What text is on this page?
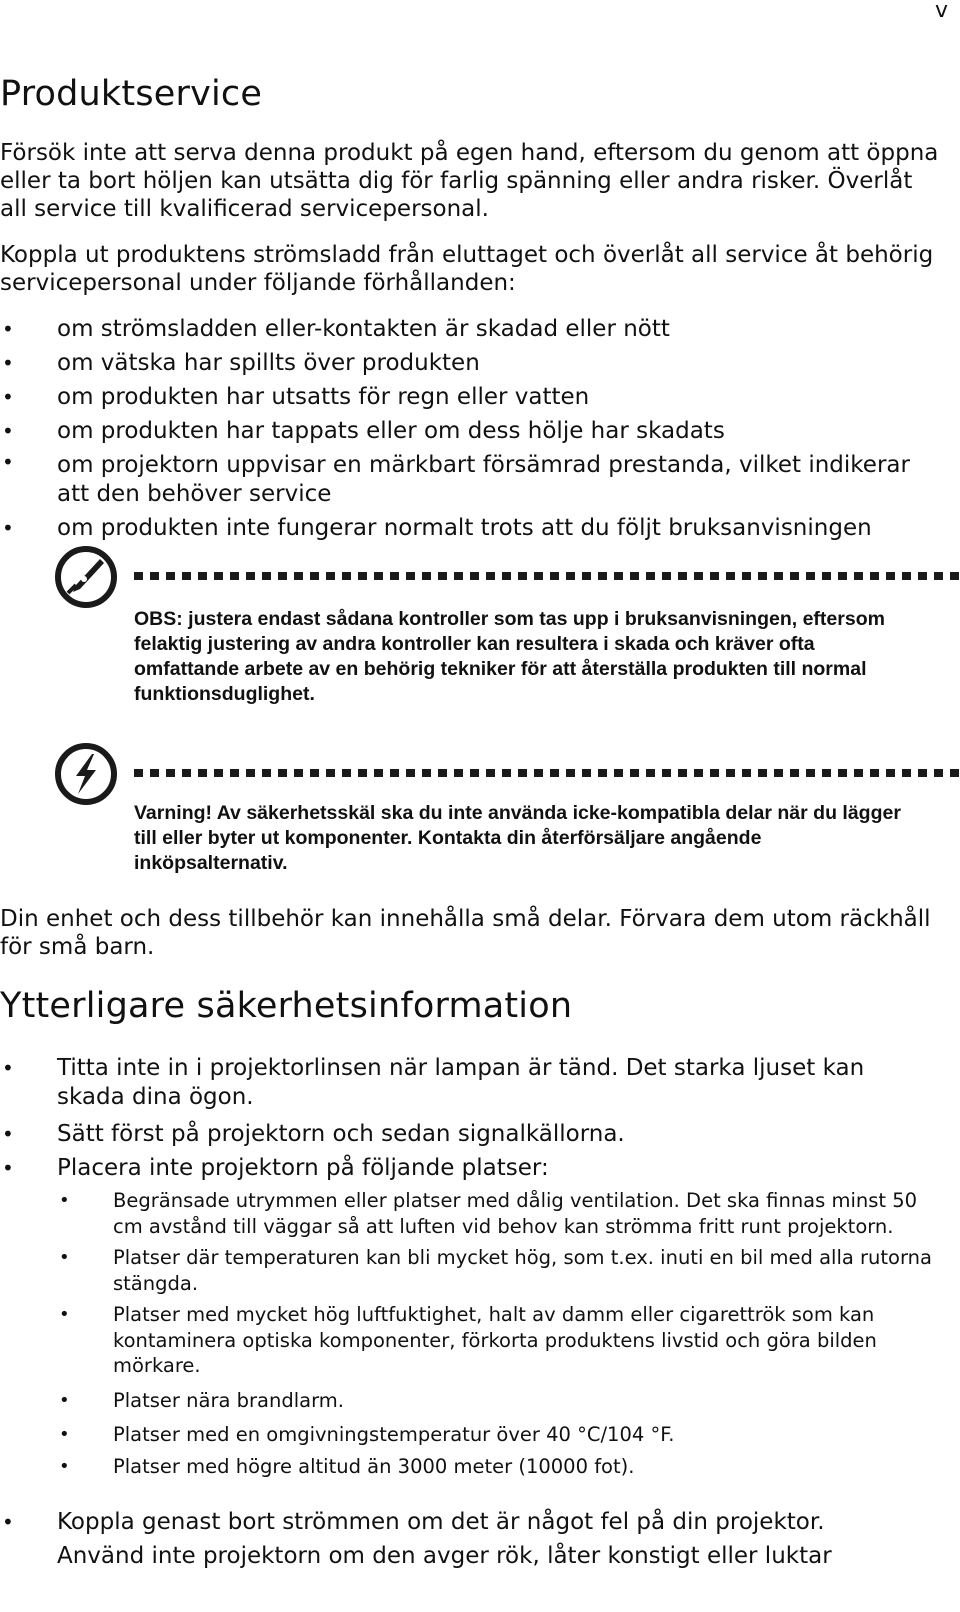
v
Produktservice

Försök inte att serva denna produkt på egen hand, eftersom du genom att öppna eller ta bort höljen kan utsätta dig för farlig spänning eller andra risker. Överlåt all service till kvalificerad servicepersonal.

Koppla ut produktens strömsladd från eluttaget och överlåt all service åt behörig servicepersonal under följande förhållanden:

• om strömsladden eller-kontakten är skadad eller nött
• om vätska har spillts över produkten
• om produkten har utsatts för regn eller vatten
• om produkten har tappats eller om dess hölje har skadats
• om projektorn uppvisar en märkbart försämrad prestanda, vilket indikerar att den behöver service
• om produkten inte fungerar normalt trots att du följt bruksanvisningen
OBS: justera endast sådana kontroller som tas upp i bruksanvisningen, eftersom felaktig justering av andra kontroller kan resultera i skada och kräver ofta omfattande arbete av en behörig tekniker för att återställa produkten till normal funktionsduglighet.
Varning! Av säkerhetsskäl ska du inte använda icke-kompatibla delar när du lägger till eller byter ut komponenter. Kontakta din återförsäljare angående inköpsalternativ.

Din enhet och dess tillbehör kan innehålla små delar. Förvara dem utom räckhåll för små barn.

Ytterligare säkerhetsinformation
• Titta inte in i projektorlinsen när lampan är tänd. Det starka ljuset kan skada dina ögon.
• Sätt först på projektorn och sedan signalkällorna.
• Placera inte projektorn på följande platser:
• Begränsade utrymmen eller platser med dålig ventilation. Det ska finnas minst 50 cm avstånd till väggar så att luften vid behov kan strömma fritt runt projektorn.
• Platser där temperaturen kan bli mycket hög, som t.ex. inuti en bil med alla rutorna stängda.
• Platser med mycket hög luftfuktighet, halt av damm eller cigarettrök som kan kontaminera optiska komponenter, förkorta produktens livstid och göra bilden mörkare.
• Platser nära brandlarm.
• Platser med en omgivningstemperatur över 40 °C/104 °F.
• Platser med högre altitud än 3000 meter (10000 fot).
• Koppla genast bort strömmen om det är något fel på din projektor. Använd inte projektorn om den avger rök, låter konstigt eller luktar
